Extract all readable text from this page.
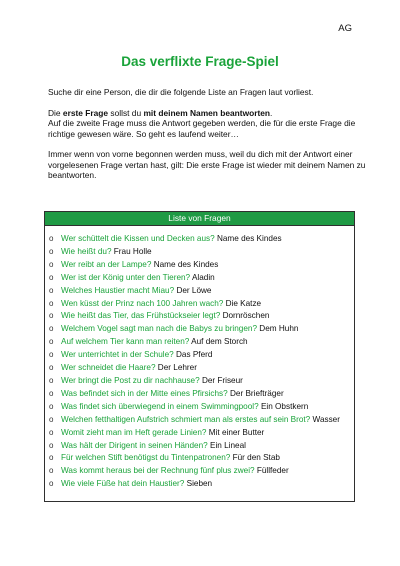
AG
Das verflixte Frage-Spiel

Suche dir eine Person, die dir die folgende Liste an Fragen laut vorliest.

Die erste Frage sollst du mit deinem Namen beantworten.
Auf die zweite Frage muss die Antwort gegeben werden, die für die erste Frage die richtige gewesen wäre. So geht es laufend weiter…

Immer wenn von vorne begonnen werden muss, weil du dich mit der Antwort einer vorgelesenen Frage vertan hast, gilt: Die erste Frage ist wieder mit deinem Namen zu beantworten.

Liste von Fragen
o Wer schüttelt die Kissen und Decken aus? Name des Kindes
o Wie heißt du? Frau Holle
o Wer reibt an der Lampe? Name des Kindes
o Wer ist der König unter den Tieren? Aladin
o Welches Haustier macht Miau? Der Löwe
o Wen küsst der Prinz nach 100 Jahren wach? Die Katze
o Wie heißt das Tier, das Frühstückseier legt? Dornröschen
o Welchem Vogel sagt man nach die Babys zu bringen? Dem Huhn
o Auf welchem Tier kann man reiten? Auf dem Storch
o Wer unterrichtet in der Schule? Das Pferd
o Wer schneidet die Haare? Der Lehrer
o Wer bringt die Post zu dir nachhause? Der Friseur
o Was befindet sich in der Mitte eines Pfirsichs? Der Briefträger
o Was findet sich überwiegend in einem Swimmingpool? Ein Obstkern
o Welchen fetthaltigen Aufstrich schmiert man als erstes auf sein Brot? Wasser
o Womit zieht man im Heft gerade Linien? Mit einer Butter
o Was hält der Dirigent in seinen Händen? Ein Lineal
o Für welchen Stift benötigst du Tintenpatronen? Für den Stab
o Was kommt heraus bei der Rechnung fünf plus zwei? Füllfeder
o Wie viele Füße hat dein Haustier? Sieben
